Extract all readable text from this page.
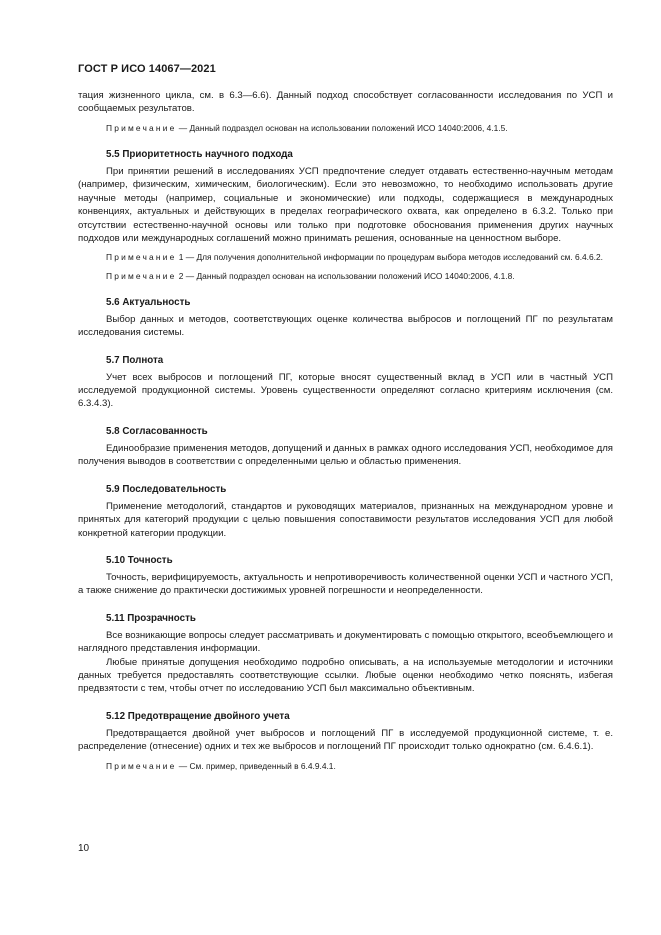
ГОСТ Р ИСО 14067—2021

тация жизненного цикла, см. в 6.3—6.6). Данный подход способствует согласованности исследования по УСП и сообщаемых результатов.

Примечание — Данный подраздел основан на использовании положений ИСО 14040:2006, 4.1.5.

5.5 Приоритетность научного подхода

При принятии решений в исследованиях УСП предпочтение следует отдавать естественно-научным методам (например, физическим, химическим, биологическим). Если это невозможно, то необходимо использовать другие научные методы (например, социальные и экономические) или подходы, содержащиеся в международных конвенциях, актуальных и действующих в пределах географического охвата, как определено в 6.3.2. Только при отсутствии естественно-научной основы или только при подготовке обоснования применения других научных подходов или международных соглашений можно принимать решения, основанные на ценностном выборе.

Примечание 1 — Для получения дополнительной информации по процедурам выбора методов исследований см. 6.4.6.2.

Примечание 2 — Данный подраздел основан на использовании положений ИСО 14040:2006, 4.1.8.

5.6 Актуальность

Выбор данных и методов, соответствующих оценке количества выбросов и поглощений ПГ по результатам исследования системы.

5.7 Полнота

Учет всех выбросов и поглощений ПГ, которые вносят существенный вклад в УСП или в частный УСП исследуемой продукционной системы. Уровень существенности определяют согласно критериям исключения (см. 6.3.4.3).

5.8 Согласованность

Единообразие применения методов, допущений и данных в рамках одного исследования УСП, необходимое для получения выводов в соответствии с определенными целью и областью применения.

5.9 Последовательность

Применение методологий, стандартов и руководящих материалов, признанных на международном уровне и принятых для категорий продукции с целью повышения сопоставимости результатов исследования УСП для любой конкретной категории продукции.

5.10 Точность

Точность, верифицируемость, актуальность и непротиворечивость количественной оценки УСП и частного УСП, а также снижение до практически достижимых уровней погрешности и неопределенности.

5.11 Прозрачность

Все возникающие вопросы следует рассматривать и документировать с помощью открытого, всеобъемлющего и наглядного представления информации.

Любые принятые допущения необходимо подробно описывать, а на используемые методологии и источники данных требуется предоставлять соответствующие ссылки. Любые оценки необходимо четко пояснять, избегая предвзятости с тем, чтобы отчет по исследованию УСП был максимально объективным.

5.12 Предотвращение двойного учета

Предотвращается двойной учет выбросов и поглощений ПГ в исследуемой продукционной системе, т. е. распределение (отнесение) одних и тех же выбросов и поглощений ПГ происходит только однократно (см. 6.4.6.1).

Примечание — См. пример, приведенный в 6.4.9.4.1.

10
